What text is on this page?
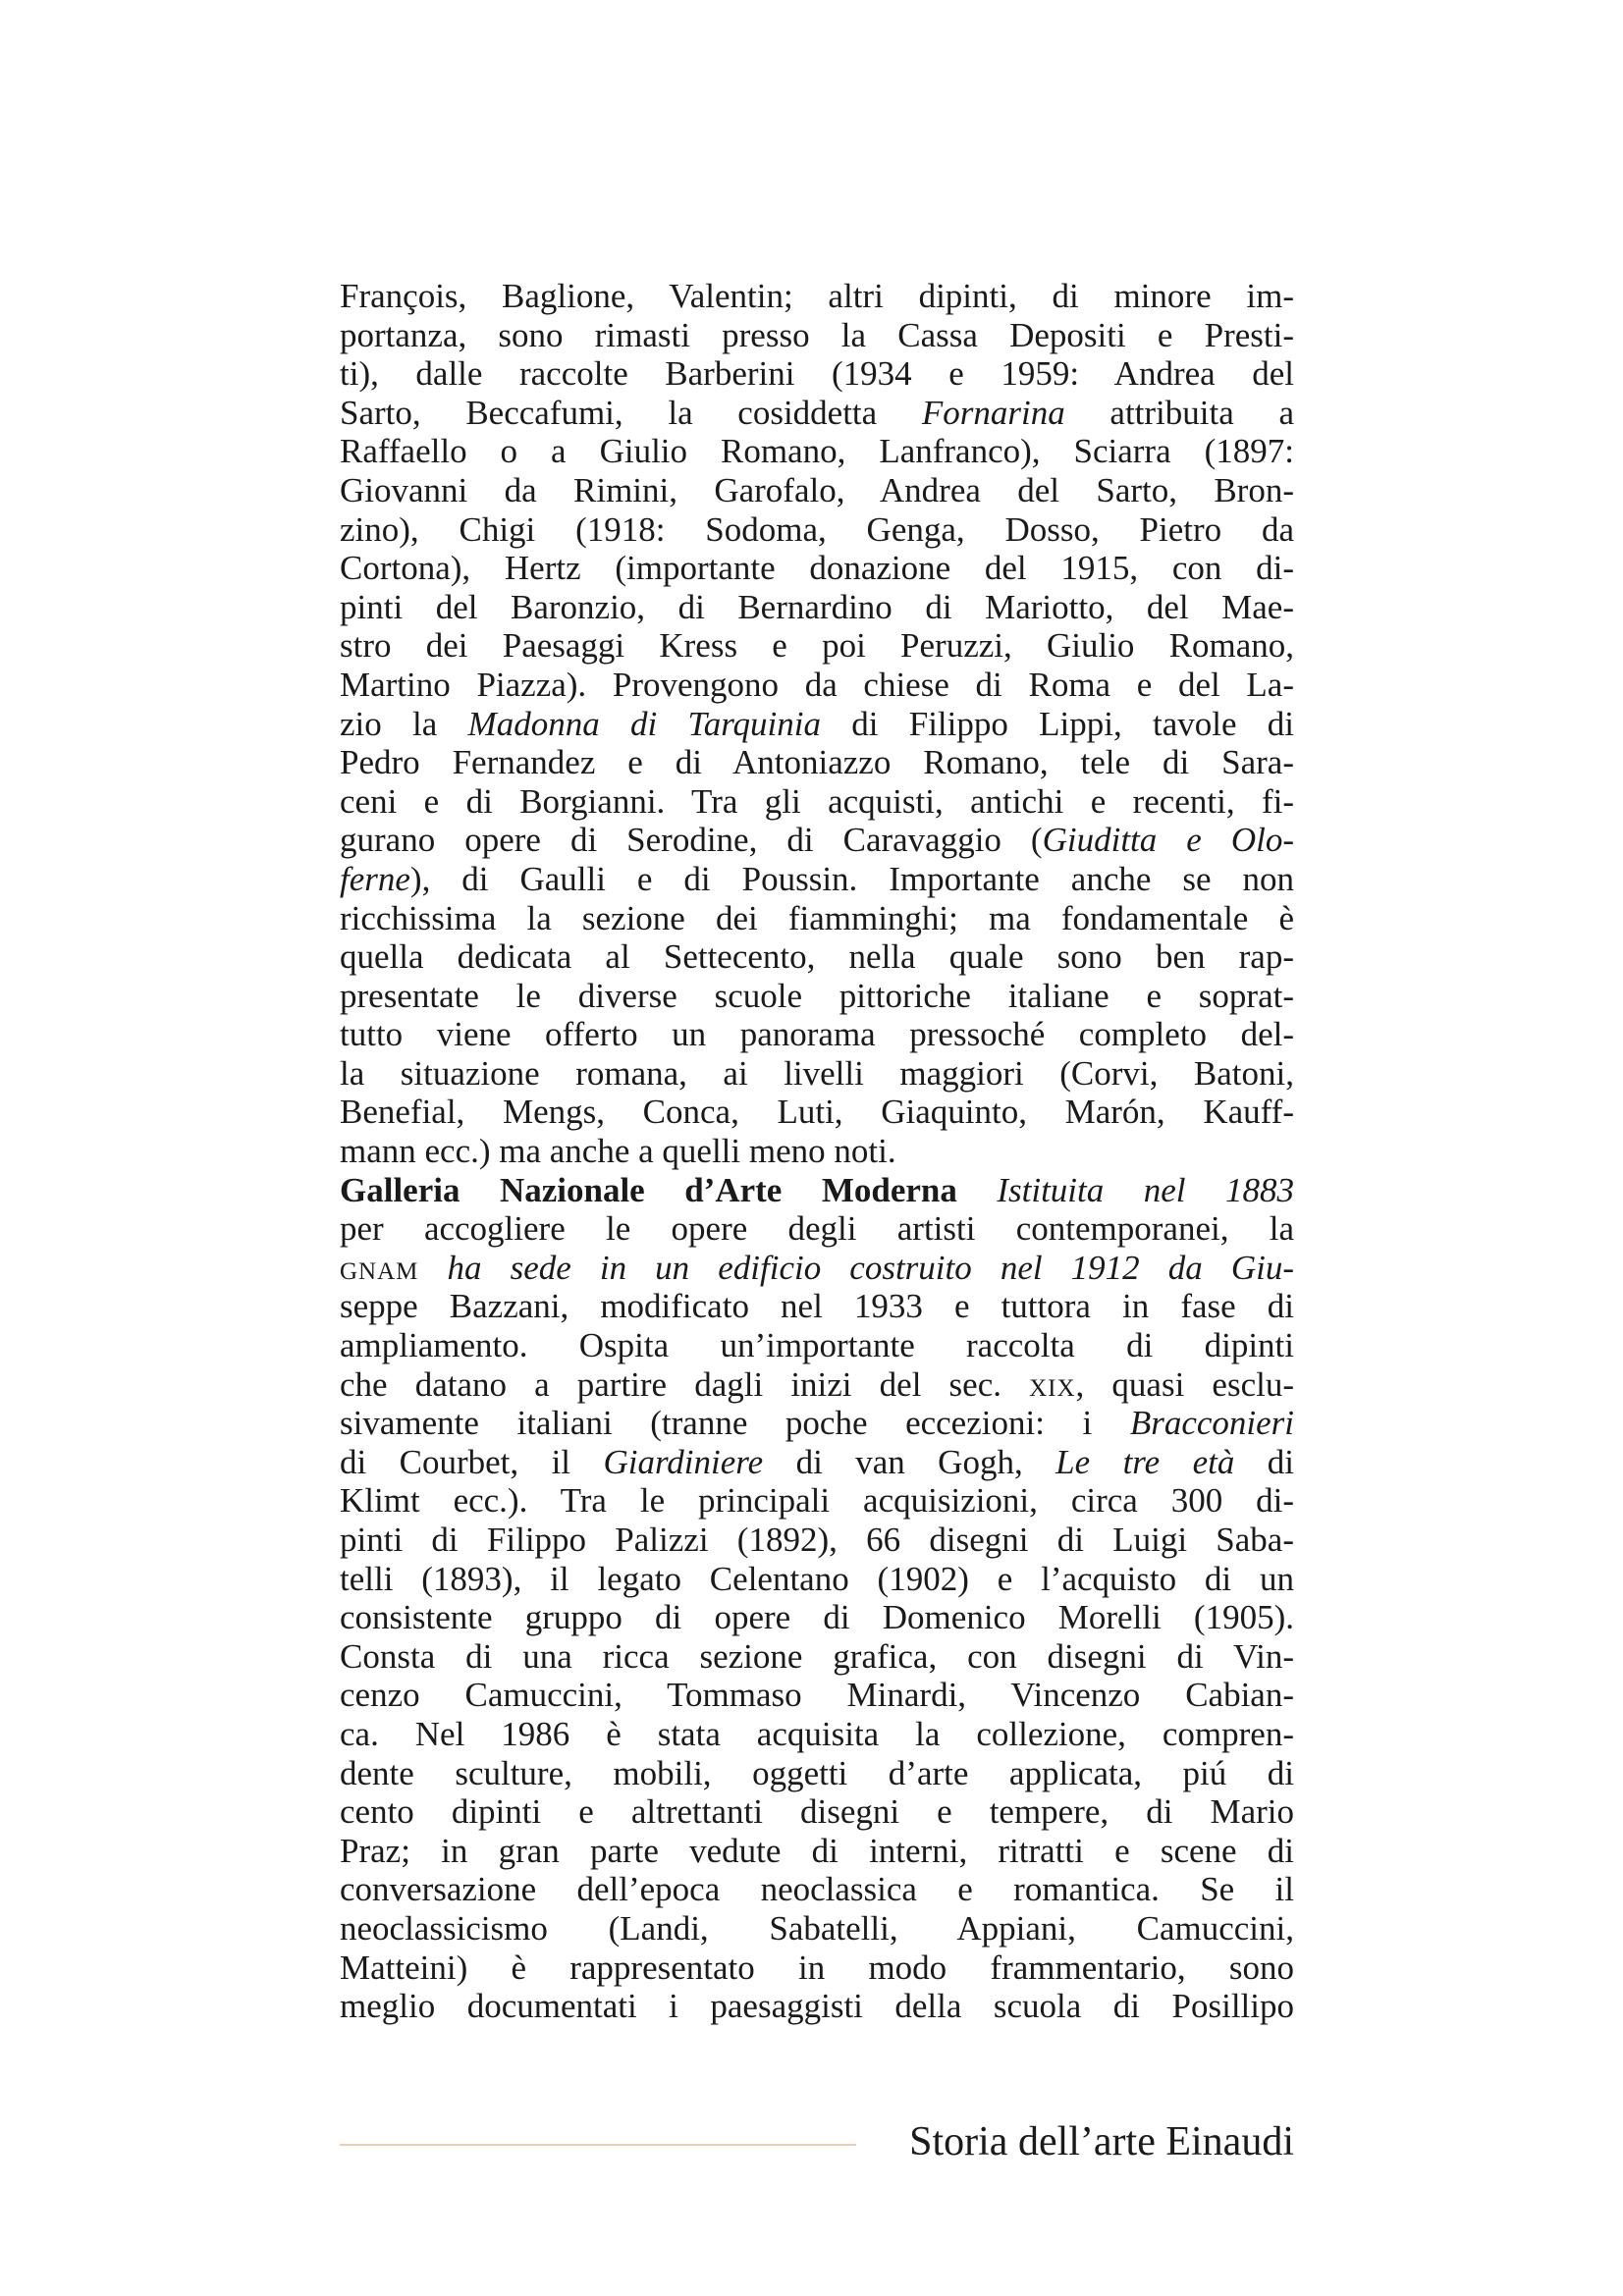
François, Baglione, Valentin; altri dipinti, di minore im-
portanza, sono rimasti presso la Cassa Depositi e Presti-
ti), dalle raccolte Barberini (1934 e 1959: Andrea del
Sarto, Beccafumi, la cosiddetta Fornarina attribuita a
Raffaello o a Giulio Romano, Lanfranco), Sciarra (1897:
Giovanni da Rimini, Garofalo, Andrea del Sarto, Bron-
zino), Chigi (1918: Sodoma, Genga, Dosso, Pietro da
Cortona), Hertz (importante donazione del 1915, con di-
pinti del Baronzio, di Bernardino di Mariotto, del Mae-
stro dei Paesaggi Kress e poi Peruzzi, Giulio Romano,
Martino Piazza). Provengono da chiese di Roma e del La-
zio la Madonna di Tarquinia di Filippo Lippi, tavole di
Pedro Fernandez e di Antoniazzo Romano, tele di Sara-
ceni e di Borgianni. Tra gli acquisti, antichi e recenti, fi-
gurano opere di Serodine, di Caravaggio (Giuditta e Olo-
ferne), di Gaulli e di Poussin. Importante anche se non
ricchissima la sezione dei fiamminghi; ma fondamentale è
quella dedicata al Settecento, nella quale sono ben rap-
presentate le diverse scuole pittoriche italiane e soprat-
tutto viene offerto un panorama pressoché completo del-
la situazione romana, ai livelli maggiori (Corvi, Batoni,
Benefial, Mengs, Conca, Luti, Giaquinto, Marón, Kauff-
mann ecc.) ma anche a quelli meno noti.
Galleria Nazionale d’Arte Moderna Istituita nel 1883
per accogliere le opere degli artisti contemporanei, la
gnam ha sede in un edificio costruito nel 1912 da Giu-
seppe Bazzani, modificato nel 1933 e tuttora in fase di
ampliamento. Ospita un’importante raccolta di dipinti
che datano a partire dagli inizi del sec. xix, quasi esclu-
sivamente italiani (tranne poche eccezioni: i Bracconieri
di Courbet, il Giardiniere di van Gogh, Le tre età di
Klimt ecc.). Tra le principali acquisizioni, circa 300 di-
pinti di Filippo Palizzi (1892), 66 disegni di Luigi Saba-
telli (1893), il legato Celentano (1902) e l’acquisto di un
consistente gruppo di opere di Domenico Morelli (1905).
Consta di una ricca sezione grafica, con disegni di Vin-
cenzo Camuccini, Tommaso Minardi, Vincenzo Cabian-
ca. Nel 1986 è stata acquisita la collezione, compren-
dente sculture, mobili, oggetti d’arte applicata, piú di
cento dipinti e altrettanti disegni e tempere, di Mario
Praz; in gran parte vedute di interni, ritratti e scene di
conversazione dell’epoca neoclassica e romantica. Se il
neoclassicismo (Landi, Sabatelli, Appiani, Camuccini,
Matteini) è rappresentato in modo frammentario, sono
meglio documentati i paesaggisti della scuola di Posillipo
Storia dell’arte Einaudi
